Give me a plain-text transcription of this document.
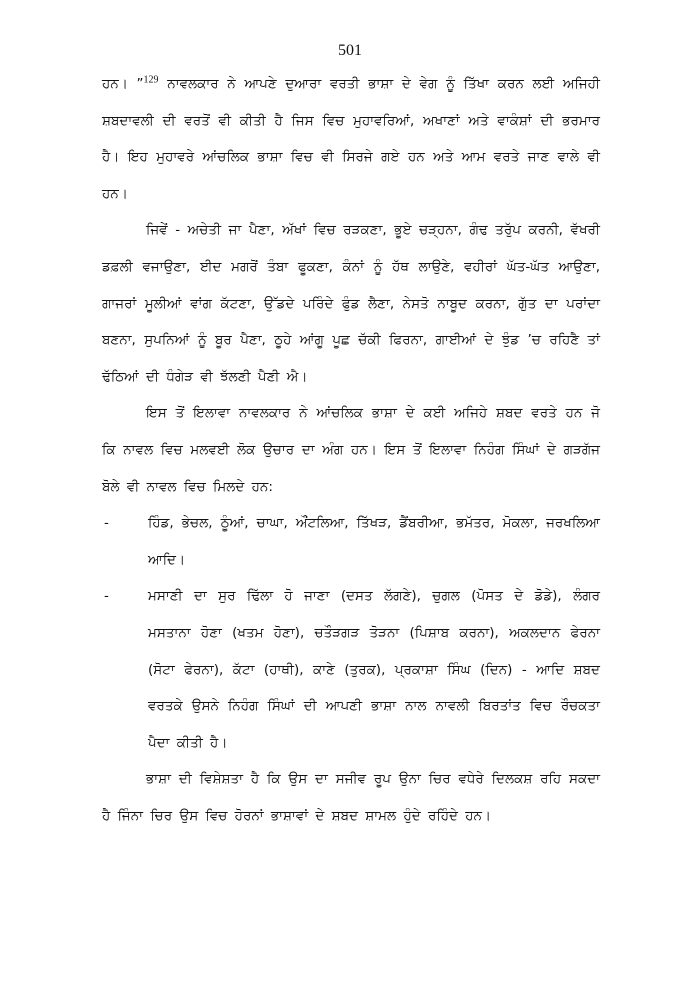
501

ਹਨ। ”$^{129}$ ਨਾਵਲਕਾਰ ਨੇ ਆਪਣੇ ਦੁਆਰਾ ਵਰਤੀ ਭਾਸ਼ਾ ਦੇ ਵੇਗ ਨੂੰ ਤਿੱਖਾ ਕਰਨ ਲਈ ਅਜਿਹੀ ਸ਼ਬਦਾਵਲੀ ਦੀ ਵਰਤੋਂ ਵੀ ਕੀਤੀ ਹੈ ਜਿਸ ਵਿਚ ਮੁਹਾਵਰਿਆਂ, ਅਖਾਣਾਂ ਅਤੇ ਵਾਕੰਸ਼ਾਂ ਦੀ ਭਰਮਾਰ ਹੈ। ਇਹ ਮੁਹਾਵਰੇ ਆਂਚਲਿਕ ਭਾਸ਼ਾ ਵਿਚ ਵੀ ਸਿਰਜੇ ਗਏ ਹਨ ਅਤੇ ਆਮ ਵਰਤੇ ਜਾਣ ਵਾਲੇ ਵੀ ਹਨ।

ਜਿਵੇਂ - ਅਚੇਤੀ ਜਾ ਪੈਣਾ, ਅੱਖਾਂ ਵਿਚ ਰੜਕਣਾ, ਭੂਏ ਚੜ੍ਹਨਾ, ਗੰਢ ਤਰੁੱਪ ਕਰਨੀ, ਵੱਖਰੀ ਡਫ਼ਲੀ ਵਜਾਉਣਾ, ਈਦ ਮਗਰੋਂ ਤੰਬਾ ਫੂਕਣਾ, ਕੰਨਾਂ ਨੂੰ ਹੱਥ ਲਾਉਣੇ, ਵਹੀਰਾਂ ਘੱਤ-ਘੱਤ ਆਉਣਾ, ਗਾਜਰਾਂ ਮੂਲੀਆਂ ਵਾਂਗ ਕੱਟਣਾ, ਉੱਡਦੇ ਪਰਿੰਦੇ ਫੁੰਡ ਲੈਣਾ, ਨੇਸਤੋ ਨਾਬੂਦ ਕਰਨਾ, ਗੁੱਤ ਦਾ ਪਰਾਂਦਾ ਬਣਨਾ, ਸੁਪਨਿਆਂ ਨੂੰ ਬੂਰ ਪੈਣਾ, ਠੂਹੇ ਆਂਗੂ ਪੂਛ ਚੱਕੀ ਫਿਰਨਾ, ਗਾਈਆਂ ਦੇ ਝੁੰਡ ’ਚ ਰਹਿਣੈ ਤਾਂ ਢੱਠਿਆਂ ਦੀ ਧੰਗੇੜ ਵੀ ਝੱਲਣੀ ਪੈਣੀ ਐ।

ਇਸ ਤੋਂ ਇਲਾਵਾ ਨਾਵਲਕਾਰ ਨੇ ਆਂਚਲਿਕ ਭਾਸ਼ਾ ਦੇ ਕਈ ਅਜਿਹੇ ਸ਼ਬਦ ਵਰਤੇ ਹਨ ਜੋ ਕਿ ਨਾਵਲ ਵਿਚ ਮਲਵਈ ਲੋਕ ਉਚਾਰ ਦਾ ਅੰਗ ਹਨ। ਇਸ ਤੋਂ ਇਲਾਵਾ ਨਿਹੰਗ ਸਿੰਘਾਂ ਦੇ ਗੜਗੱਜ ਬੋਲੇ ਵੀ ਨਾਵਲ ਵਿਚ ਮਿਲਦੇ ਹਨ:

-	ਹਿੰਡ, ਭੇਚਲ, ਠੂੰਆਂ, ਚਾਘਾ, ਔਂਟਲਿਆ, ਤਿੱਖੜ, ਡੈਂਬਰੀਆ, ਭਮੱਤਰ, ਮੋਕਲਾ, ਜਰਖਲਿਆ ਆਦਿ।
-	ਮਸਾਣੀ ਦਾ ਸੁਰ ਢਿੱਲਾ ਹੋ ਜਾਣਾ (ਦਸਤ ਲੱਗਣੇ), ਚੁਗਲ (ਪੋਸਤ ਦੇ ਡੋਡੇ), ਲੰਗਰ ਮਸਤਾਨਾ ਹੋਣਾ (ਖਤਮ ਹੋਣਾ), ਚਤੌੜਗੜ ਤੋੜਨਾ (ਪਿਸ਼ਾਬ ਕਰਨਾ), ਅਕਲਦਾਨ ਫੇਰਨਾ (ਸੋਟਾ ਫੇਰਨਾ), ਕੱਟਾ (ਹਾਥੀ), ਕਾਣੇ (ਤੁਰਕ), ਪ੍ਰਕਾਸ਼ਾ ਸਿੰਘ (ਦਿਨ) - ਆਦਿ ਸ਼ਬਦ ਵਰਤਕੇ ਉਸਨੇ ਨਿਹੰਗ ਸਿੰਘਾਂ ਦੀ ਆਪਣੀ ਭਾਸ਼ਾ ਨਾਲ ਨਾਵਲੀ ਬਿਰਤਾਂਤ ਵਿਚ ਰੌਚਕਤਾ ਪੈਦਾ ਕੀਤੀ ਹੈ।

ਭਾਸ਼ਾ ਦੀ ਵਿਸ਼ੇਸ਼ਤਾ ਹੈ ਕਿ ਉਸ ਦਾ ਸਜੀਵ ਰੂਪ ਉਨਾ ਚਿਰ ਵਧੇਰੇ ਦਿਲਕਸ਼ ਰਹਿ ਸਕਦਾ ਹੈ ਜਿੰਨਾ ਚਿਰ ਉਸ ਵਿਚ ਹੋਰਨਾਂ ਭਾਸ਼ਾਵਾਂ ਦੇ ਸ਼ਬਦ ਸ਼ਾਮਲ ਹੁੰਦੇ ਰਹਿੰਦੇ ਹਨ।
